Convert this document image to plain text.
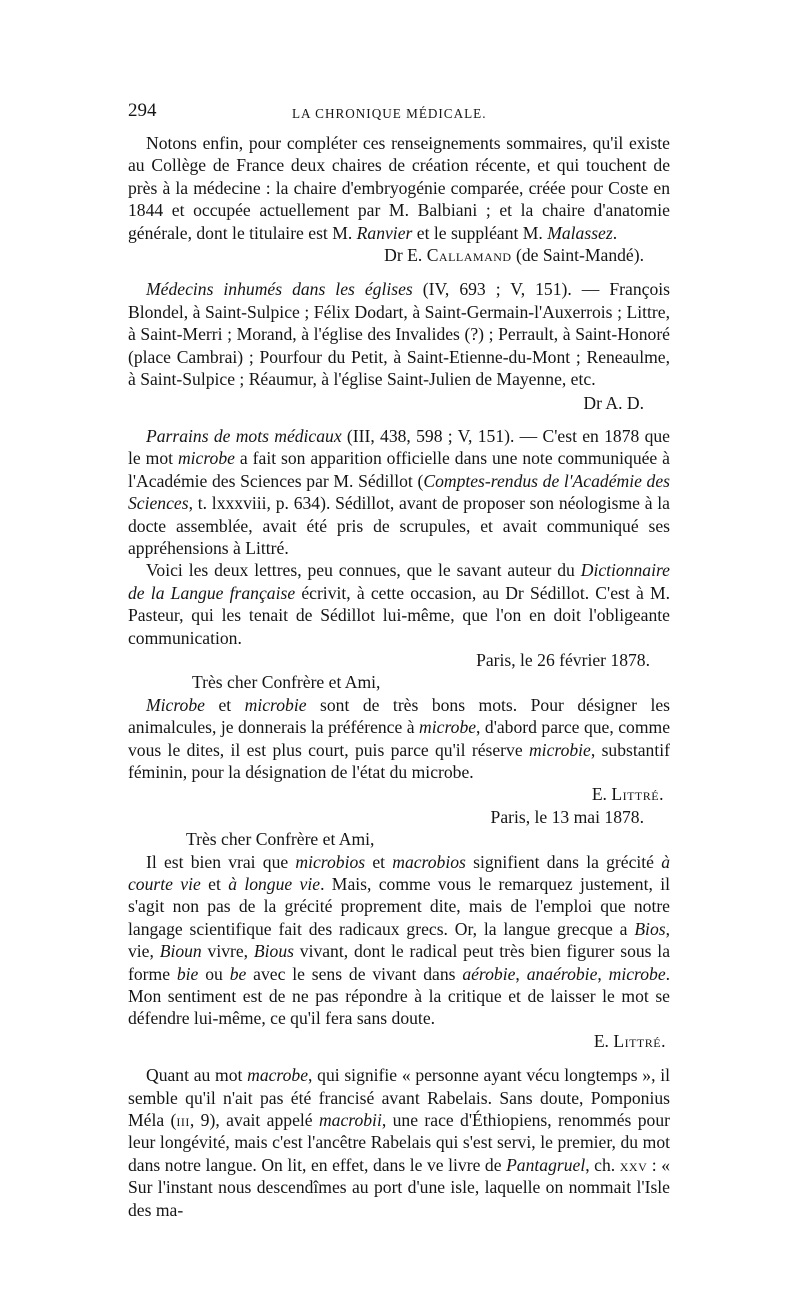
294	LA CHRONIQUE MÉDICALE.

Notons enfin, pour compléter ces renseignements sommaires, qu'il existe au Collège de France deux chaires de création récente, et qui touchent de près à la médecine : la chaire d'embryogénie comparée, créée pour Coste en 1844 et occupée actuellement par M. Balbiani ; et la chaire d'anatomie générale, dont le titulaire est M. Ranvier et le suppléant M. Malassez.

Dr E. Callamand (de Saint-Mandé).

Médecins inhumés dans les églises (IV, 693 ; V, 151). — François Blondel, à Saint-Sulpice ; Félix Dodart, à Saint-Germain-l'Auxerrois ; Littre, à Saint-Merri ; Morand, à l'église des Invalides (?) ; Perrault, à Saint-Honoré (place Cambrai) ; Pourfour du Petit, à Saint-Etienne-du-Mont ; Reneaulme, à Saint-Sulpice ; Réaumur, à l'église Saint-Julien de Mayenne, etc.

Dr A. D.

Parrains de mots médicaux (III, 438, 598 ; V, 151). — C'est en 1878 que le mot microbe a fait son apparition officielle dans une note communiquée à l'Académie des Sciences par M. Sédillot (Comptes-rendus de l'Académie des Sciences, t. lxxxviii, p. 634). Sédillot, avant de proposer son néologisme à la docte assemblée, avait été pris de scrupules, et avait communiqué ses appréhensions à Littré.

Voici les deux lettres, peu connues, que le savant auteur du Dictionnaire de la Langue française écrivit, à cette occasion, au Dr Sédillot. C'est à M. Pasteur, qui les tenait de Sédillot lui-même, que l'on en doit l'obligeante communication.

Paris, le 26 février 1878.

Très cher Confrère et Ami,

Microbe et microbie sont de très bons mots. Pour désigner les animalcules, je donnerais la préférence à microbe, d'abord parce que, comme vous le dites, il est plus court, puis parce qu'il réserve microbie, substantif féminin, pour la désignation de l'état du microbe.

E. Littré.

Paris, le 13 mai 1878.

Très cher Confrère et Ami,

Il est bien vrai que microbios et macrobios signifient dans la grécité à courte vie et à longue vie. Mais, comme vous le remarquez justement, il s'agit non pas de la grécité proprement dite, mais de l'emploi que notre langage scientifique fait des radicaux grecs. Or, la langue grecque a Bios, vie, Bioun vivre, Bious vivant, dont le radical peut très bien figurer sous la forme bie ou be avec le sens de vivant dans aérobie, anaérobie, microbe. Mon sentiment est de ne pas répondre à la critique et de laisser le mot se défendre lui-même, ce qu'il fera sans doute.

E. Littré.

Quant au mot macrobe, qui signifie « personne ayant vécu longtemps », il semble qu'il n'ait pas été francisé avant Rabelais. Sans doute, Pomponius Méla (iii, 9), avait appelé macrobii, une race d'Éthiopiens, renommés pour leur longévité, mais c'est l'ancêtre Rabelais qui s'est servi, le premier, du mot dans notre langue. On lit, en effet, dans le ve livre de Pantagruel, ch. xxv : « Sur l'instant nous descendîmes au port d'une isle, laquelle on nommait l'Isle des ma-
